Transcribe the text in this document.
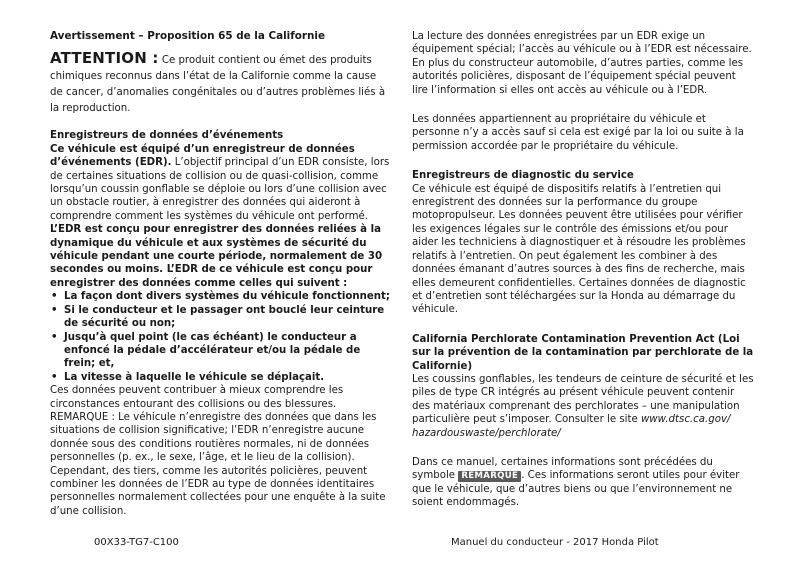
Avertissement – Proposition 65 de la Californie

ATTENTION : Ce produit contient ou émet des produits chimiques reconnus dans l’état de la Californie comme la cause de cancer, d’anomalies congénitales ou d’autres problèmes liés à la reproduction.

Enregistreurs de données d’événements

Ce véhicule est équipé d’un enregistreur de données d’événements (EDR). L’objectif principal d’un EDR consiste, lors de certaines situations de collision ou de quasi-collision, comme lorsqu’un coussin gonflable se déploie ou lors d’une collision avec un obstacle routier, à enregistrer des données qui aideront à comprendre comment les systèmes du véhicule ont performé.

L’EDR est conçu pour enregistrer des données reliées à la dynamique du véhicule et aux systèmes de sécurité du véhicule pendant une courte période, normalement de 30 secondes ou moins. L’EDR de ce véhicule est conçu pour enregistrer des données comme celles qui suivent :

• La façon dont divers systèmes du véhicule fonctionnent;
• Si le conducteur et le passager ont bouclé leur ceinture de sécurité ou non;
• Jusqu’à quel point (le cas échéant) le conducteur a enfoncé la pédale d’accélérateur et/ou la pédale de frein; et,
• La vitesse à laquelle le véhicule se déplaçait.

Ces données peuvent contribuer à mieux comprendre les circonstances entourant des collisions ou des blessures.

REMARQUE : Le véhicule n’enregistre des données que dans les situations de collision significative; l’EDR n’enregistre aucune donnée sous des conditions routières normales, ni de données personnelles (p. ex., le sexe, l’âge, et le lieu de la collision).

Cependant, des tiers, comme les autorités policières, peuvent combiner les données de l’EDR au type de données identitaires personnelles normalement collectées pour une enquête à la suite d’une collision.

La lecture des données enregistrées par un EDR exige un équipement spécial; l’accès au véhicule ou à l’EDR est nécessaire. En plus du constructeur automobile, d’autres parties, comme les autorités policières, disposant de l’équipement spécial peuvent lire l’information si elles ont accès au véhicule ou à l’EDR.

Les données appartiennent au propriétaire du véhicule et personne n’y a accès sauf si cela est exigé par la loi ou suite à la permission accordée par le propriétaire du véhicule.

Enregistreurs de diagnostic du service

Ce véhicule est équipé de dispositifs relatifs à l’entretien qui enregistrent des données sur la performance du groupe motopropulseur. Les données peuvent être utilisées pour vérifier les exigences légales sur le contrôle des émissions et/ou pour aider les techniciens à diagnostiquer et à résoudre les problèmes relatifs à l’entretien. On peut également les combiner à des données émanant d’autres sources à des fins de recherche, mais elles demeurent confidentielles. Certaines données de diagnostic et d’entretien sont téléchargées sur la Honda au démarrage du véhicule.

California Perchlorate Contamination Prevention Act (Loi sur la prévention de la contamination par perchlorate de la Californie)

Les coussins gonflables, les tendeurs de ceinture de sécurité et les piles de type CR intégrés au présent véhicule peuvent contenir des matériaux comprenant des perchlorates – une manipulation particulière peut s’imposer. Consulter le site www.dtsc.ca.gov/ hazardouswaste/perchlorate/

Dans ce manuel, certaines informations sont précédées du symbole REMARQUE . Ces informations seront utiles pour éviter que le véhicule, que d’autres biens ou que l’environnement ne soient endommagés.

00X33-TG7-C100	Manuel du conducteur - 2017 Honda Pilot
